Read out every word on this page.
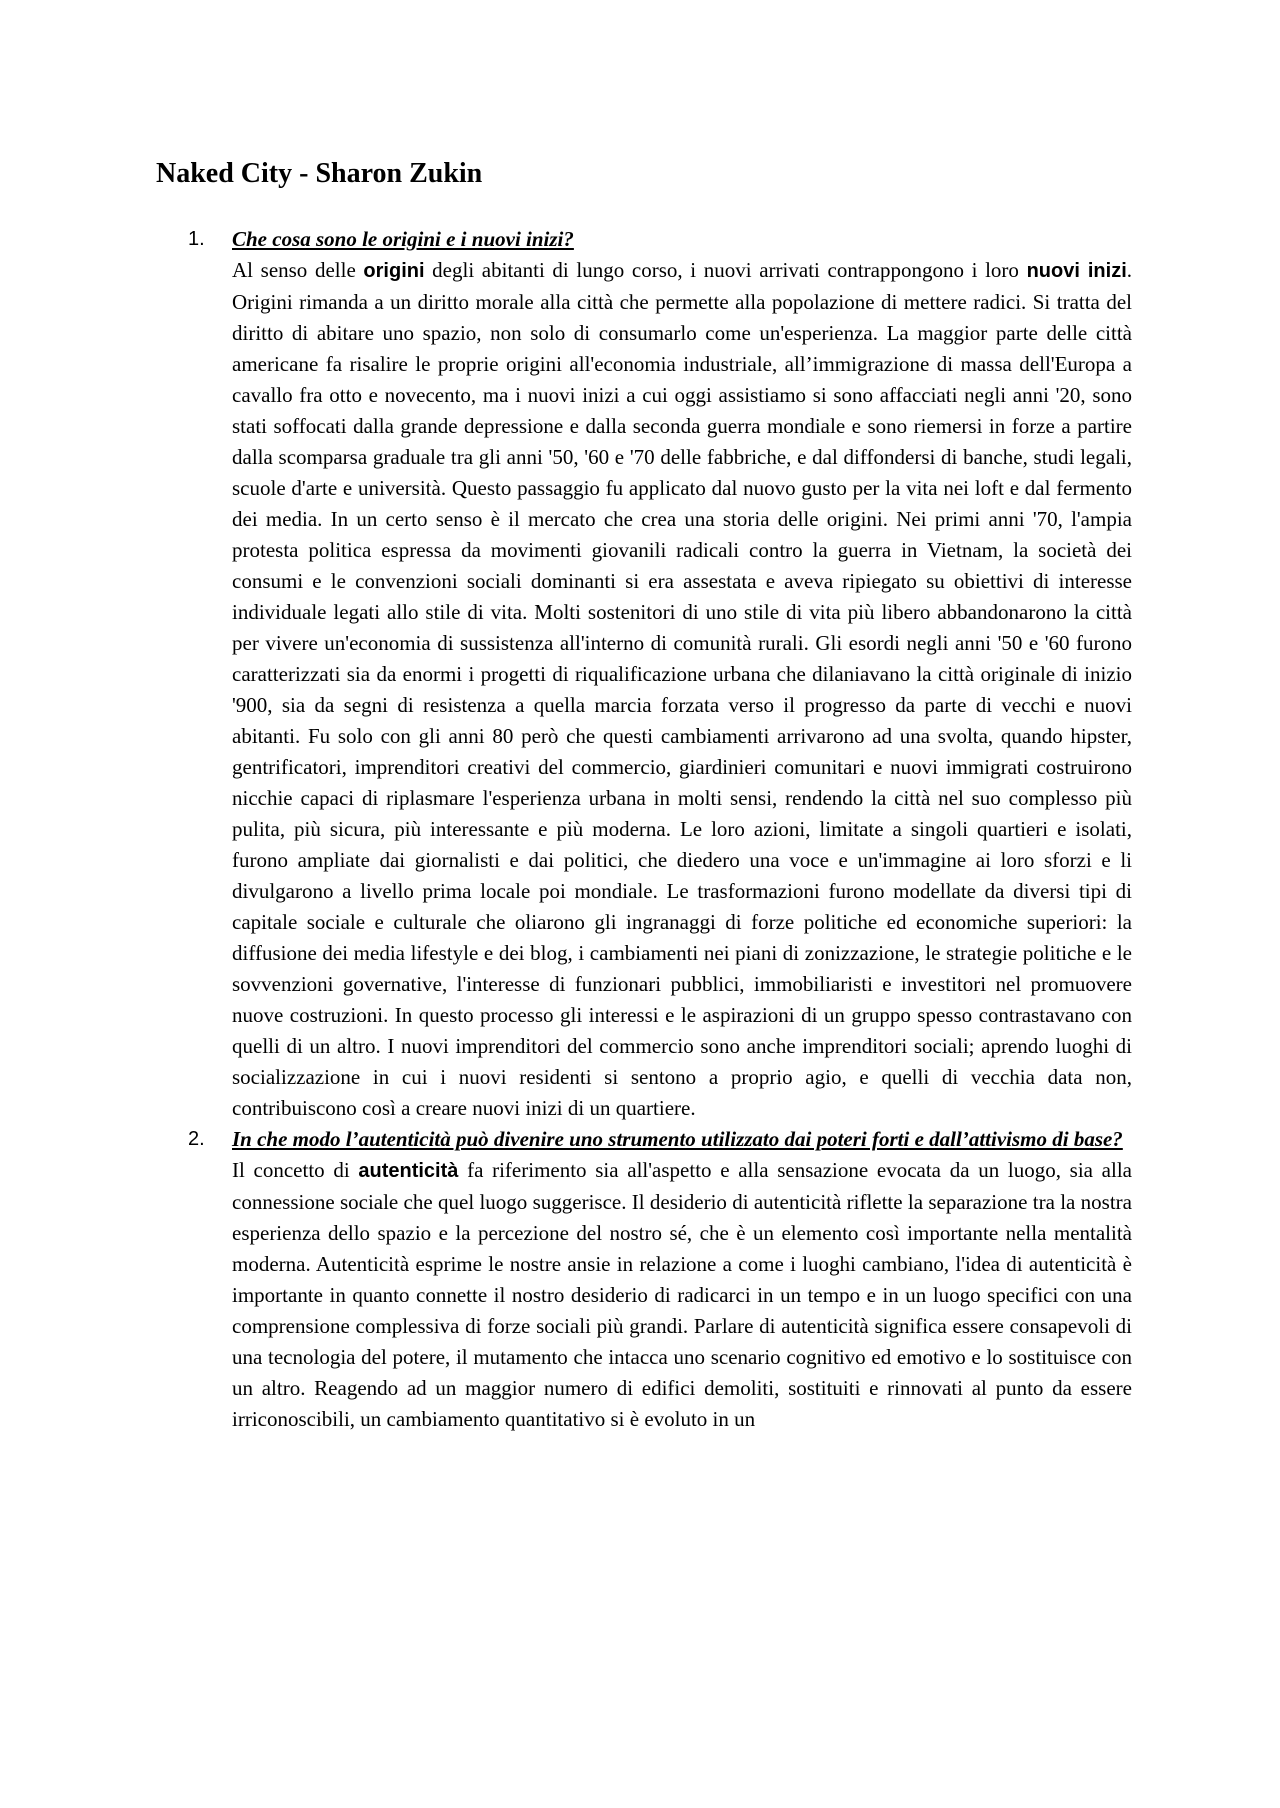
Naked City - Sharon Zukin
1. Che cosa sono le origini e i nuovi inizi?

Al senso delle origini degli abitanti di lungo corso, i nuovi arrivati contrappongono i loro nuovi inizi. Origini rimanda a un diritto morale alla città che permette alla popolazione di mettere radici. Si tratta del diritto di abitare uno spazio, non solo di consumarlo come un'esperienza. La maggior parte delle città americane fa risalire le proprie origini all'economia industriale, all’immigrazione di massa dell'Europa a cavallo fra otto e novecento, ma i nuovi inizi a cui oggi assistiamo si sono affacciati negli anni '20, sono stati soffocati dalla grande depressione e dalla seconda guerra mondiale e sono riemersi in forze a partire dalla scomparsa graduale tra gli anni '50, '60 e '70 delle fabbriche, e dal diffondersi di banche, studi legali, scuole d'arte e università. Questo passaggio fu applicato dal nuovo gusto per la vita nei loft e dal fermento dei media. In un certo senso è il mercato che crea una storia delle origini. Nei primi anni '70, l'ampia protesta politica espressa da movimenti giovanili radicali contro la guerra in Vietnam, la società dei consumi e le convenzioni sociali dominanti si era assestata e aveva ripiegato su obiettivi di interesse individuale legati allo stile di vita. Molti sostenitori di uno stile di vita più libero abbandonarono la città per vivere un'economia di sussistenza all'interno di comunità rurali. Gli esordi negli anni '50 e '60 furono caratterizzati sia da enormi i progetti di riqualificazione urbana che dilaniavano la città originale di inizio '900, sia da segni di resistenza a quella marcia forzata verso il progresso da parte di vecchi e nuovi abitanti. Fu solo con gli anni 80 però che questi cambiamenti arrivarono ad una svolta, quando hipster, gentrificatori, imprenditori creativi del commercio, giardinieri comunitari e nuovi immigrati costruirono nicchie capaci di riplasmare l'esperienza urbana in molti sensi, rendendo la città nel suo complesso più pulita, più sicura, più interessante e più moderna. Le loro azioni, limitate a singoli quartieri e isolati, furono ampliate dai giornalisti e dai politici, che diedero una voce e un'immagine ai loro sforzi e li divulgarono a livello prima locale poi mondiale. Le trasformazioni furono modellate da diversi tipi di capitale sociale e culturale che oliarono gli ingranaggi di forze politiche ed economiche superiori: la diffusione dei media lifestyle e dei blog, i cambiamenti nei piani di zonizzazione, le strategie politiche e le sovvenzioni governative, l'interesse di funzionari pubblici, immobiliaristi e investitori nel promuovere nuove costruzioni. In questo processo gli interessi e le aspirazioni di un gruppo spesso contrastavano con quelli di un altro. I nuovi imprenditori del commercio sono anche imprenditori sociali; aprendo luoghi di socializzazione in cui i nuovi residenti si sentono a proprio agio, e quelli di vecchia data non, contribuiscono così a creare nuovi inizi di un quartiere.

2. In che modo l’autenticità può divenire uno strumento utilizzato dai poteri forti e dall’attivismo di base?

Il concetto di autenticità fa riferimento sia all'aspetto e alla sensazione evocata da un luogo, sia alla connessione sociale che quel luogo suggerisce. Il desiderio di autenticità riflette la separazione tra la nostra esperienza dello spazio e la percezione del nostro sé, che è un elemento così importante nella mentalità moderna. Autenticità esprime le nostre ansie in relazione a come i luoghi cambiano, l'idea di autenticità è importante in quanto connette il nostro desiderio di radicarci in un tempo e in un luogo specifici con una comprensione complessiva di forze sociali più grandi. Parlare di autenticità significa essere consapevoli di una tecnologia del potere, il mutamento che intacca uno scenario cognitivo ed emotivo e lo sostituisce con un altro. Reagendo ad un maggior numero di edifici demoliti, sostituiti e rinnovati al punto da essere irriconoscibili, un cambiamento quantitativo si è evoluto in un
